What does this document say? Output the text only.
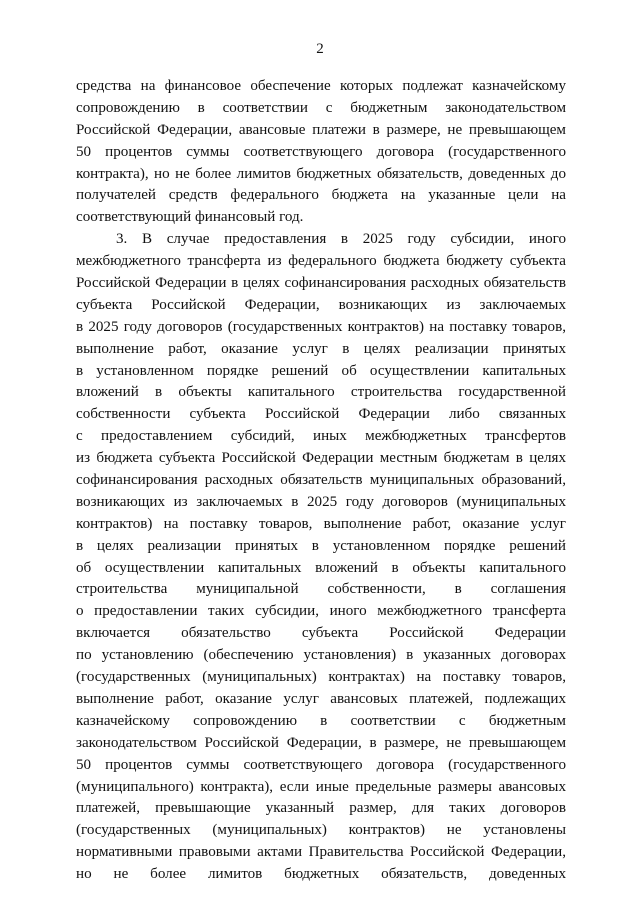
2
средства на финансовое обеспечение которых подлежат казначейскому
сопровождению в соответствии с бюджетным законодательством
Российской Федерации, авансовые платежи в размере, не превышающем
50 процентов суммы соответствующего договора (государственного
контракта), но не более лимитов бюджетных обязательств, доведенных до
получателей средств федерального бюджета на указанные цели на
соответствующий финансовый год.
3. В случае предоставления в 2025 году субсидии, иного
межбюджетного трансферта из федерального бюджета бюджету субъекта
Российской Федерации в целях софинансирования расходных обязательств
субъекта Российской Федерации, возникающих из заключаемых
в 2025 году договоров (государственных контрактов) на поставку товаров,
выполнение работ, оказание услуг в целях реализации принятых
в установленном порядке решений об осуществлении капитальных
вложений в объекты капитального строительства государственной
собственности субъекта Российской Федерации либо связанных
с предоставлением субсидий, иных межбюджетных трансфертов
из бюджета субъекта Российской Федерации местным бюджетам в целях
софинансирования расходных обязательств муниципальных образований,
возникающих из заключаемых в 2025 году договоров (муниципальных
контрактов) на поставку товаров, выполнение работ, оказание услуг
в целях реализации принятых в установленном порядке решений
об осуществлении капитальных вложений в объекты капитального
строительства муниципальной собственности, в соглашения
о предоставлении таких субсидии, иного межбюджетного трансферта
включается обязательство субъекта Российской Федерации
по установлению (обеспечению установления) в указанных договорах
(государственных (муниципальных) контрактах) на поставку товаров,
выполнение работ, оказание услуг авансовых платежей, подлежащих
казначейскому сопровождению в соответствии с бюджетным
законодательством Российской Федерации, в размере, не превышающем
50 процентов суммы соответствующего договора (государственного
(муниципального) контракта), если иные предельные размеры авансовых
платежей, превышающие указанный размер, для таких договоров
(государственных (муниципальных) контрактов) не установлены
нормативными правовыми актами Правительства Российской Федерации,
но не более лимитов бюджетных обязательств, доведенных
